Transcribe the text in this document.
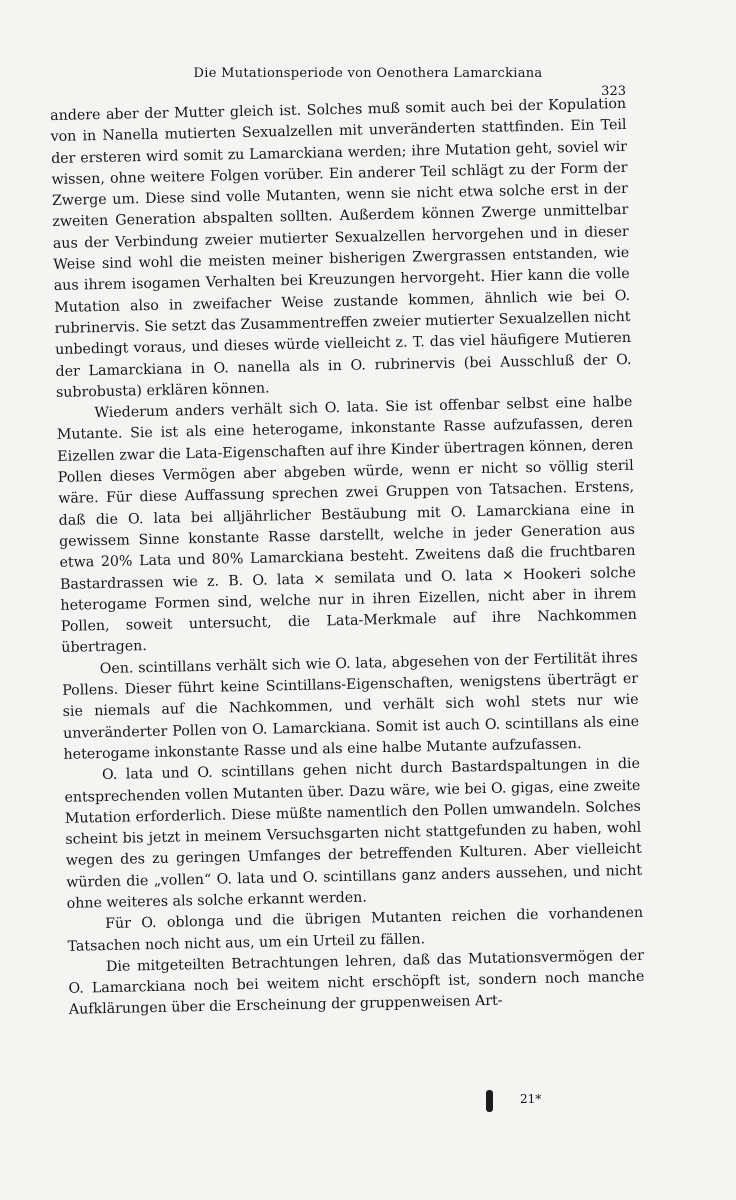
Die Mutationsperiode von Oenothera Lamarckiana
323

andere aber der Mutter gleich ist. Solches muß somit auch bei der Kopulation von in Nanella mutierten Sexualzellen mit unveränderten stattfinden. Ein Teil der ersteren wird somit zu Lamarckiana werden; ihre Mutation geht, soviel wir wissen, ohne weitere Folgen vorüber. Ein anderer Teil schlägt zu der Form der Zwerge um. Diese sind volle Mutanten, wenn sie nicht etwa solche erst in der zweiten Generation abspalten sollten. Außerdem können Zwerge unmittelbar aus der Verbindung zweier mutierter Sexualzellen hervorgehen und in dieser Weise sind wohl die meisten meiner bisherigen Zwergrassen entstanden, wie aus ihrem isogamen Verhalten bei Kreuzungen hervorgeht. Hier kann die volle Mutation also in zweifacher Weise zustande kommen, ähnlich wie bei O. rubrinervis. Sie setzt das Zusammentreffen zweier mutierter Sexualzellen nicht unbedingt voraus, und dieses würde vielleicht z. T. das viel häufigere Mutieren der Lamarckiana in O. nanella als in O. rubrinervis (bei Ausschluß der O. subrobusta) erklären können.

Wiederum anders verhält sich O. lata. Sie ist offenbar selbst eine halbe Mutante. Sie ist als eine heterogame, inkonstante Rasse aufzufassen, deren Eizellen zwar die Lata-Eigenschaften auf ihre Kinder übertragen können, deren Pollen dieses Vermögen aber abgeben würde, wenn er nicht so völlig steril wäre. Für diese Auffassung sprechen zwei Gruppen von Tatsachen. Erstens, daß die O. lata bei alljährlicher Bestäubung mit O. Lamarckiana eine in gewissem Sinne konstante Rasse darstellt, welche in jeder Generation aus etwa 20% Lata und 80% Lamarckiana besteht. Zweitens daß die fruchtbaren Bastardrassen wie z. B. O. lata × semilata und O. lata × Hookeri solche heterogame Formen sind, welche nur in ihren Eizellen, nicht aber in ihrem Pollen, soweit untersucht, die Lata-Merkmale auf ihre Nachkommen übertragen.

Oen. scintillans verhält sich wie O. lata, abgesehen von der Fertilität ihres Pollens. Dieser führt keine Scintillans-Eigenschaften, wenigstens überträgt er sie niemals auf die Nachkommen, und verhält sich wohl stets nur wie unveränderter Pollen von O. Lamarckiana. Somit ist auch O. scintillans als eine heterogame inkonstante Rasse und als eine halbe Mutante aufzufassen.

O. lata und O. scintillans gehen nicht durch Bastardspaltungen in die entsprechenden vollen Mutanten über. Dazu wäre, wie bei O. gigas, eine zweite Mutation erforderlich. Diese müßte namentlich den Pollen umwandeln. Solches scheint bis jetzt in meinem Versuchsgarten nicht stattgefunden zu haben, wohl wegen des zu geringen Umfanges der betreffenden Kulturen. Aber vielleicht würden die „vollen“ O. lata und O. scintillans ganz anders aussehen, und nicht ohne weiteres als solche erkannt werden.

Für O. oblonga und die übrigen Mutanten reichen die vorhandenen Tatsachen noch nicht aus, um ein Urteil zu fällen.

Die mitgeteilten Betrachtungen lehren, daß das Mutationsvermögen der O. Lamarckiana noch bei weitem nicht erschöpft ist, sondern noch manche Aufklärungen über die Erscheinung der gruppenweisen Art-

21*
